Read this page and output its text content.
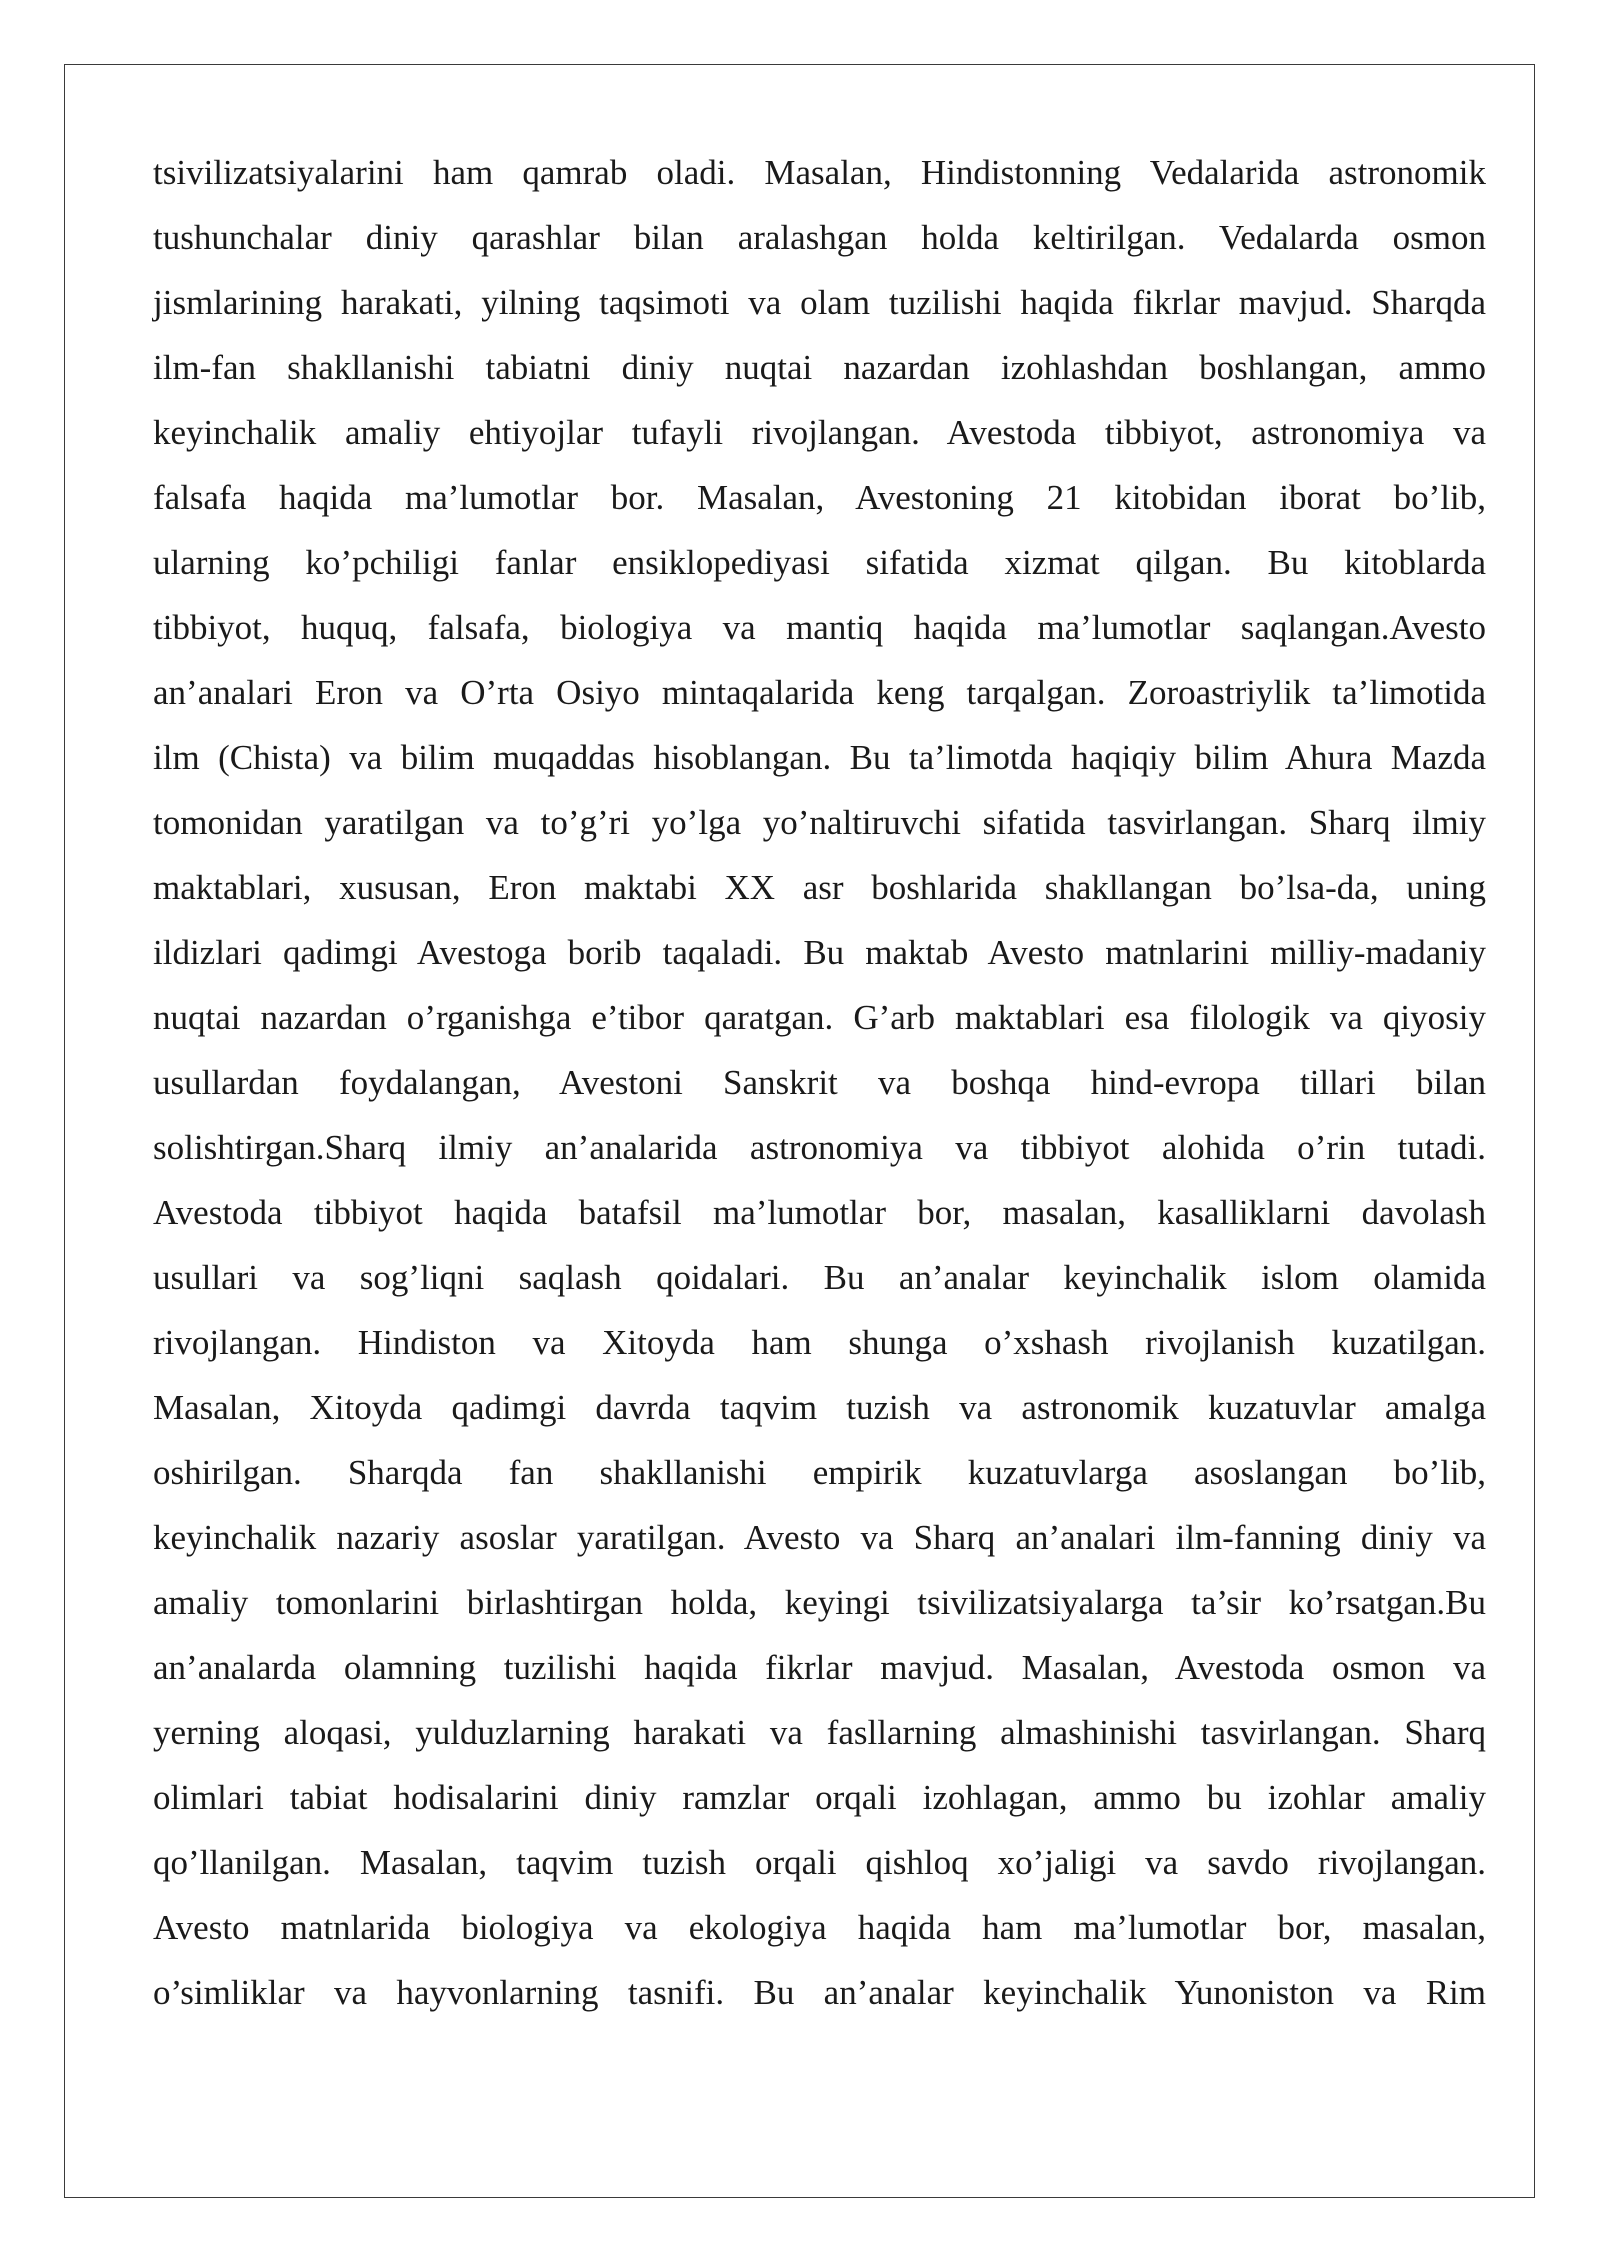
tsivilizatsiyalarini ham qamrab oladi. Masalan, Hindistonning Vedalarida astronomik
tushunchalar diniy qarashlar bilan aralashgan holda keltirilgan. Vedalarda osmon
jismlarining harakati, yilning taqsimoti va olam tuzilishi haqida fikrlar mavjud. Sharqda
ilm-fan shakllanishi tabiatni diniy nuqtai nazardan izohlashdan boshlangan, ammo
keyinchalik amaliy ehtiyojlar tufayli rivojlangan. Avestoda tibbiyot, astronomiya va
falsafa haqida ma’lumotlar bor. Masalan, Avestoning 21 kitobidan iborat bo’lib,
ularning ko’pchiligi fanlar ensiklopediyasi sifatida xizmat qilgan. Bu kitoblarda
tibbiyot, huquq, falsafa, biologiya va mantiq haqida ma’lumotlar saqlangan.Avesto
an’analari Eron va O’rta Osiyo mintaqalarida keng tarqalgan. Zoroastriylik ta’limotida
ilm (Chista) va bilim muqaddas hisoblangan. Bu ta’limotda haqiqiy bilim Ahura Mazda
tomonidan yaratilgan va to’g’ri yo’lga yo’naltiruvchi sifatida tasvirlangan. Sharq ilmiy
maktablari, xususan, Eron maktabi XX asr boshlarida shakllangan bo’lsa-da, uning
ildizlari qadimgi Avestoga borib taqaladi. Bu maktab Avesto matnlarini milliy-madaniy
nuqtai nazardan o’rganishga e’tibor qaratgan. G’arb maktablari esa filologik va qiyosiy
usullardan foydalangan, Avestoni Sanskrit va boshqa hind-evropa tillari bilan
solishtirgan.Sharq ilmiy an’analarida astronomiya va tibbiyot alohida o’rin tutadi.
Avestoda tibbiyot haqida batafsil ma’lumotlar bor, masalan, kasalliklarni davolash
usullari va sog’liqni saqlash qoidalari. Bu an’analar keyinchalik islom olamida
rivojlangan. Hindiston va Xitoyda ham shunga o’xshash rivojlanish kuzatilgan.
Masalan, Xitoyda qadimgi davrda taqvim tuzish va astronomik kuzatuvlar amalga
oshirilgan. Sharqda fan shakllanishi empirik kuzatuvlarga asoslangan bo’lib,
keyinchalik nazariy asoslar yaratilgan. Avesto va Sharq an’analari ilm-fanning diniy va
amaliy tomonlarini birlashtirgan holda, keyingi tsivilizatsiyalarga ta’sir ko’rsatgan.Bu
an’analarda olamning tuzilishi haqida fikrlar mavjud. Masalan, Avestoda osmon va
yerning aloqasi, yulduzlarning harakati va fasllarning almashinishi tasvirlangan. Sharq
olimlari tabiat hodisalarini diniy ramzlar orqali izohlagan, ammo bu izohlar amaliy
qo’llanilgan. Masalan, taqvim tuzish orqali qishloq xo’jaligi va savdo rivojlangan.
Avesto matnlarida biologiya va ekologiya haqida ham ma’lumotlar bor, masalan,
o’simliklar va hayvonlarning tasnifi. Bu an’analar keyinchalik Yunoniston va Rim
